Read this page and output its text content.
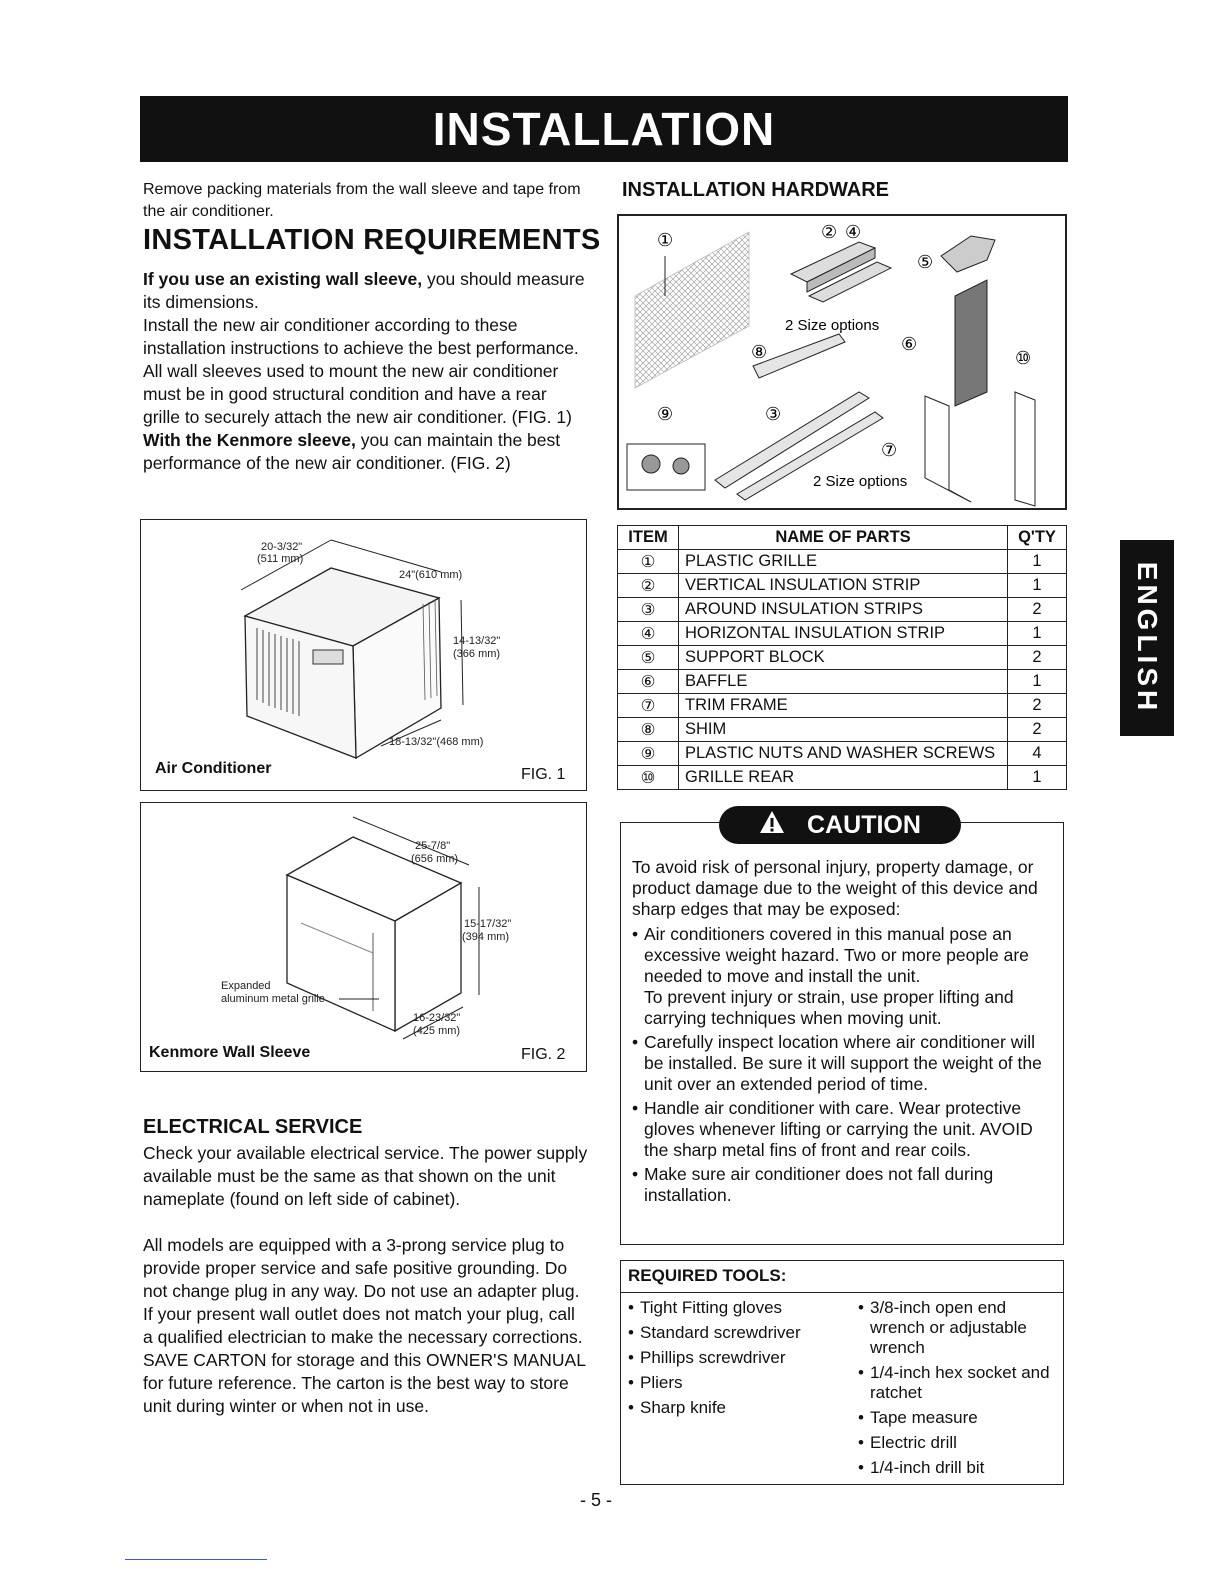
INSTALLATION
Remove packing materials from the wall sleeve and tape from the air conditioner.
INSTALLATION REQUIREMENTS
If you use an existing wall sleeve, you should measure its dimensions.
Install the new air conditioner according to these installation instructions to achieve the best performance. All wall sleeves used to mount the new air conditioner must be in good structural condition and have a rear grille to securely attach the new air conditioner. (FIG. 1)
With the Kenmore sleeve, you can maintain the best performance of the new air conditioner. (FIG. 2)
20-3/32"
(511 mm)
24"(610 mm)
14-13/32"
(366 mm)
18-13/32"(468 mm)
Air Conditioner	FIG. 1
25-7/8"
(656 mm)
15-17/32"
(394 mm)
16-23/32"
(425 mm)
Expanded
aluminum metal grille
Kenmore Wall Sleeve	FIG. 2
ELECTRICAL SERVICE
Check your available electrical service. The power supply available must be the same as that shown on the unit nameplate (found on left side of cabinet).
All models are equipped with a 3-prong service plug to provide proper service and safe positive grounding. Do not change plug in any way. Do not use an adapter plug. If your present wall outlet does not match your plug, call a qualified electrician to make the necessary corrections. SAVE CARTON for storage and this OWNER'S MANUAL for future reference. The carton is the best way to store unit during winter or when not in use.
INSTALLATION HARDWARE
①	②
③
④
⑤
⑥
⑦
⑧
⑨
⑩
2 Size options
2 Size options
ITEM	NAME OF PARTS	Q'TY
①	PLASTIC GRILLE	1
②	VERTICAL INSULATION STRIP	1
③	AROUND INSULATION STRIPS	2
④	HORIZONTAL INSULATION STRIP	1
⑤	SUPPORT BLOCK	2
⑥	BAFFLE	1
⑦	TRIM FRAME	2
⑧	SHIM	2
⑨	PLASTIC NUTS AND WASHER SCREWS	4
⑩	GRILLE REAR	1
CAUTION
To avoid risk of personal injury, property damage, or product damage due to the weight of this device and sharp edges that may be exposed:
• Air conditioners covered in this manual pose an excessive weight hazard. Two or more people are needed to move and install the unit.
To prevent injury or strain, use proper lifting and carrying techniques when moving unit.
• Carefully inspect location where air conditioner will be installed. Be sure it will support the weight of the unit over an extended period of time.
• Handle air conditioner with care. Wear protective gloves whenever lifting or carrying the unit. AVOID the sharp metal fins of front and rear coils.
• Make sure air conditioner does not fall during installation.
REQUIRED TOOLS:
• Tight Fitting gloves
• Standard screwdriver
• Phillips screwdriver
• Pliers
• Sharp knife
• 3/8-inch open end wrench or adjustable wrench
• 1/4-inch hex socket and ratchet
• Tape measure
• Electric drill
• 1/4-inch drill bit
ENGLISH
- 5 -
